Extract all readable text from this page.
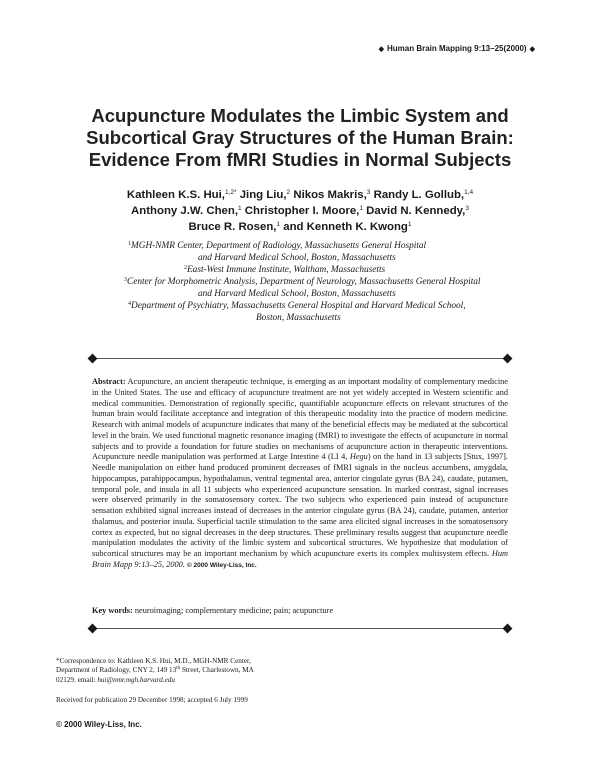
◆ Human Brain Mapping 9:13–25(2000) ◆
Acupuncture Modulates the Limbic System and
Subcortical Gray Structures of the Human Brain:
Evidence From fMRI Studies in Normal Subjects
Kathleen K.S. Hui,$^{1,2*}$ Jing Liu,$^2$ Nikos Makris,$^3$ Randy L. Gollub,$^{1,4}$
Anthony J.W. Chen,$^1$ Christopher I. Moore,$^1$ David N. Kennedy,$^3$
Bruce R. Rosen,$^1$ and Kenneth K. Kwong$^1$
$^1$MGH-NMR Center, Department of Radiology, Massachusetts General Hospital
and Harvard Medical School, Boston, Massachusetts
$^2$East-West Immune Institute, Waltham, Massachusetts
$^3$Center for Morphometric Analysis, Department of Neurology, Massachusetts General Hospital
and Harvard Medical School, Boston, Massachusetts
$^4$Department of Psychiatry, Massachusetts General Hospital and Harvard Medical School,
Boston, Massachusetts
Abstract: Acupuncture, an ancient therapeutic technique, is emerging as an important modality of complementary medicine in the United States. The use and efficacy of acupuncture treatment are not yet widely accepted in Western scientific and medical communities. Demonstration of regionally specific, quantifiable acupuncture effects on relevant structures of the human brain would facilitate acceptance and integration of this therapeutic modality into the practice of modern medicine. Research with animal models of acupuncture indicates that many of the beneficial effects may be mediated at the subcortical level in the brain. We used functional magnetic resonance imaging (fMRI) to investigate the effects of acupuncture in normal subjects and to provide a foundation for future studies on mechanisms of acupuncture action in therapeutic interventions. Acupuncture needle manipulation was performed at Large Intestine 4 (LI 4, Hegu) on the hand in 13 subjects [Stux, 1997]. Needle manipulation on either hand produced prominent decreases of fMRI signals in the nucleus accumbens, amygdala, hippocampus, parahippocampus, hypothalamus, ventral tegmental area, anterior cingulate gyrus (BA 24), caudate, putamen, temporal pole, and insula in all 11 subjects who experienced acupuncture sensation. In marked contrast, signal increases were observed primarily in the somatosensory cortex. The two subjects who experienced pain instead of acupuncture sensation exhibited signal increases instead of decreases in the anterior cingulate gyrus (BA 24), caudate, putamen, anterior thalamus, and posterior insula. Superficial tactile stimulation to the same area elicited signal increases in the somatosensory cortex as expected, but no signal decreases in the deep structures. These preliminary results suggest that acupuncture needle manipulation modulates the activity of the limbic system and subcortical structures. We hypothesize that modulation of subcortical structures may be an important mechanism by which acupuncture exerts its complex multisystem effects. Hum Brain Mapp 9:13–25, 2000. © 2000 Wiley-Liss, Inc.
Key words: neuroimaging; complementary medicine; pain; acupuncture
*Correspondence to: Kathleen K.S. Hui, M.D., MGH-NMR Center,
Department of Radiology, CNY 2, 149 13th Street, Charlestown, MA
02129. email: hui@nmr.mgh.harvard.edu
Received for publication 29 December 1998; accepted 6 July 1999
© 2000 Wiley-Liss, Inc.
